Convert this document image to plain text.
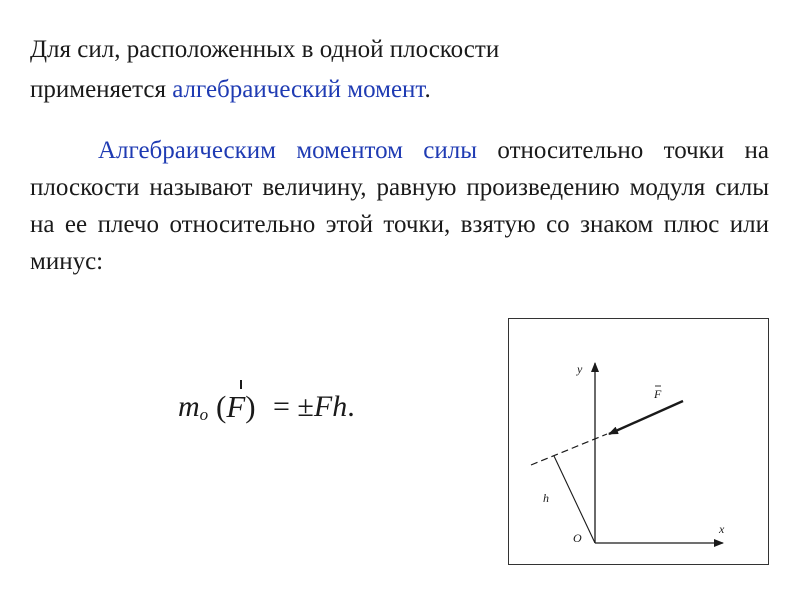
Для сил, расположенных в одной плоскости
применяется алгебраический момент.
Алгебраическим моментом силы относительно точки на плоскости называют величину, равную произведению модуля силы на ее плечо относительно этой точки, взятую со знаком плюс или минус:
$m_o$ (F) = ±Fh.
y
x
O
h
F
